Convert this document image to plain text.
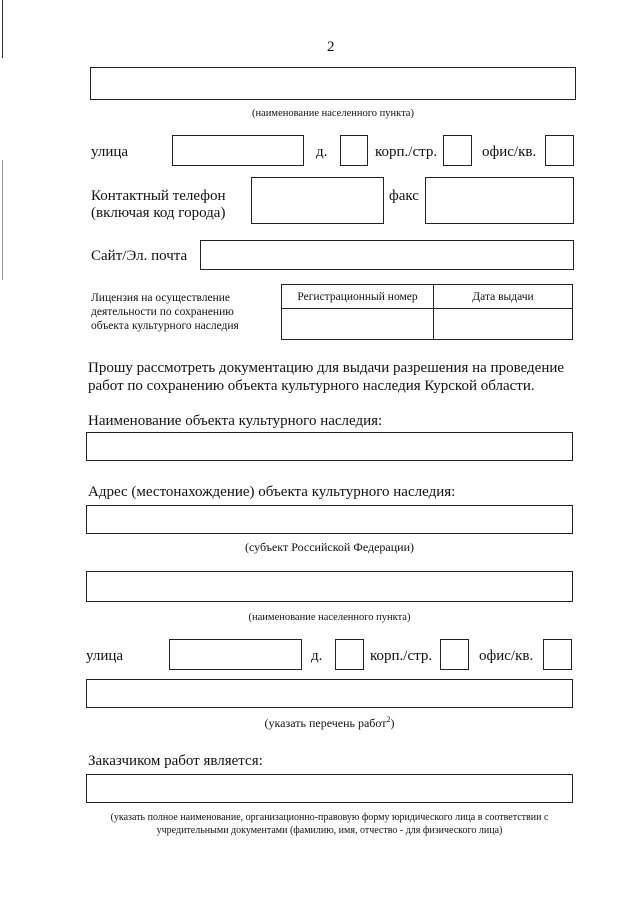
2
(наименование населенного пункта)
улица	д.	корп./стр.	офис/кв.
Контактный телефон
(включая код города)
факс
Сайт/Эл. почта
Лицензия на осуществление
деятельности по сохранению
объекта культурного наследия
Регистрационный номер	Дата выдачи

Прошу рассмотреть документацию для выдачи разрешения на проведение
работ по сохранению объекта культурного наследия Курской области.
Наименование объекта культурного наследия:
Адрес (местонахождение) объекта культурного наследия:
(субъект Российской Федерации)
(наименование населенного пункта)
улица	д.	корп./стр.	офис/кв.
(указать перечень работ$^2$)
Заказчиком работ является:
(указать полное наименование, организационно-правовую форму юридического лица в соответствии с
учредительными документами (фамилию, имя, отчество - для физического лица)
